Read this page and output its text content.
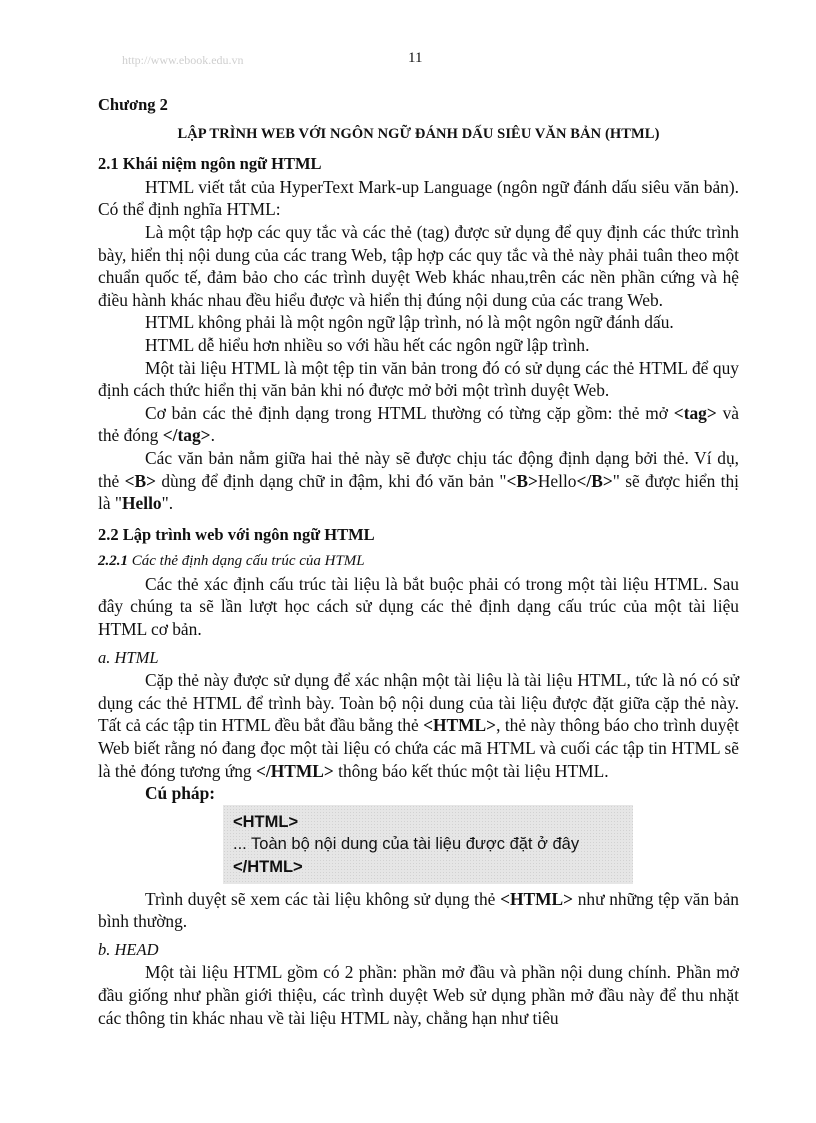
http://www.ebook.edu.vn	11

Chương 2

LẬP TRÌNH WEB VỚI NGÔN NGỮ ĐÁNH DẤU SIÊU VĂN BẢN (HTML)

2.1 Khái niệm ngôn ngữ HTML

HTML viết tắt của HyperText Mark-up Language (ngôn ngữ đánh dấu siêu văn bản). Có thể định nghĩa HTML:

Là một tập hợp các quy tắc và các thẻ (tag) được sử dụng để quy định các thức trình bày, hiển thị nội dung của các trang Web, tập hợp các quy tắc và thẻ này phải tuân theo một chuẩn quốc tế, đảm bảo cho các trình duyệt Web khác nhau,trên các nền phần cứng và hệ điều hành khác nhau đều hiểu được và hiển thị đúng nội dung của các trang Web.

HTML không phải là một ngôn ngữ lập trình, nó là một ngôn ngữ đánh dấu.

HTML dễ hiểu hơn nhiều so với hầu hết các ngôn ngữ lập trình.

Một tài liệu HTML là một tệp tin văn bản trong đó có sử dụng các thẻ HTML để quy định cách thức hiển thị văn bản khi nó được mở bởi một trình duyệt Web.

Cơ bản các thẻ định dạng trong HTML thường có từng cặp gồm: thẻ mở <tag> và thẻ đóng </tag>.

Các văn bản nằm giữa hai thẻ này sẽ được chịu tác động định dạng bởi thẻ. Ví dụ, thẻ <B> dùng để định dạng chữ in đậm, khi đó văn bản "<B>Hello</B>" sẽ được hiển thị là "Hello".

2.2 Lập trình web với ngôn ngữ HTML

2.2.1 Các thẻ định dạng cấu trúc của HTML

Các thẻ xác định cấu trúc tài liệu là bắt buộc phải có trong một tài liệu HTML. Sau đây chúng ta sẽ lần lượt học cách sử dụng các thẻ định dạng cấu trúc của một tài liệu HTML cơ bản.

a. HTML

Cặp thẻ này được sử dụng để xác nhận một tài liệu là tài liệu HTML, tức là nó có sử dụng các thẻ HTML để trình bày. Toàn bộ nội dung của tài liệu được đặt giữa cặp thẻ này. Tất cả các tập tin HTML đều bắt đầu bằng thẻ <HTML>, thẻ này thông báo cho trình duyệt Web biết rằng nó đang đọc một tài liệu có chứa các mã HTML và cuối các tập tin HTML sẽ là thẻ đóng tương ứng </HTML> thông báo kết thúc một tài liệu HTML.

Cú pháp:

<HTML>
... Toàn bộ nội dung của tài liệu được đặt ở đây
</HTML>

Trình duyệt sẽ xem các tài liệu không sử dụng thẻ <HTML> như những tệp văn bản bình thường.

b. HEAD

Một tài liệu HTML gồm có 2 phần: phần mở đầu và phần nội dung chính. Phần mở đầu giống như phần giới thiệu, các trình duyệt Web sử dụng phần mở đầu này để thu nhặt các thông tin khác nhau về tài liệu HTML này, chẳng hạn như tiêu
